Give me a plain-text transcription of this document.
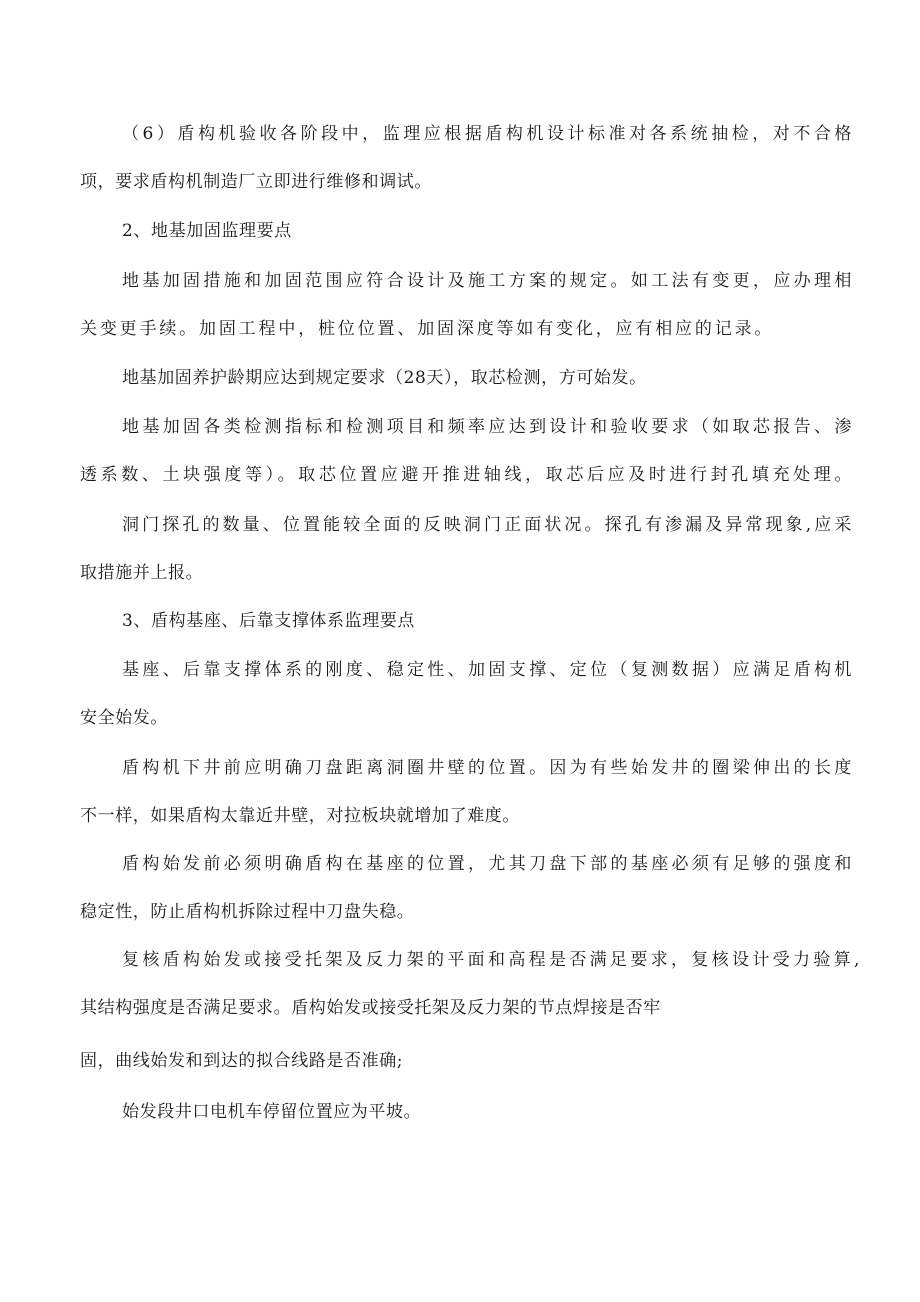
（6）盾构机验收各阶段中，监理应根据盾构机设计标准对各系统抽检，对不合格
项，要求盾构机制造厂立即进行维修和调试。
2、地基加固监理要点
地基加固措施和加固范围应符合设计及施工方案的规定。如工法有变更，应办理相
关变更手续。加固工程中，桩位位置、加固深度等如有变化，应有相应的记录。
地基加固养护龄期应达到规定要求（28天），取芯检测，方可始发。
地基加固各类检测指标和检测项目和频率应达到设计和验收要求（如取芯报告、渗
透系数、土块强度等）。取芯位置应避开推进轴线，取芯后应及时进行封孔填充处理。
洞门探孔的数量、位置能较全面的反映洞门正面状况。探孔有渗漏及异常现象,应采
取措施并上报。
3、盾构基座、后靠支撑体系监理要点
基座、后靠支撑体系的刚度、稳定性、加固支撑、定位（复测数据）应满足盾构机
安全始发。
盾构机下井前应明确刀盘距离洞圈井壁的位置。因为有些始发井的圈梁伸出的长度
不一样，如果盾构太靠近井壁，对拉板块就增加了难度。
盾构始发前必须明确盾构在基座的位置，尤其刀盘下部的基座必须有足够的强度和
稳定性，防止盾构机拆除过程中刀盘失稳。
复核盾构始发或接受托架及反力架的平面和高程是否满足要求，复核设计受力验算,
其结构强度是否满足要求。盾构始发或接受托架及反力架的节点焊接是否牢
固，曲线始发和到达的拟合线路是否准确;
始发段井口电机车停留位置应为平坡。
